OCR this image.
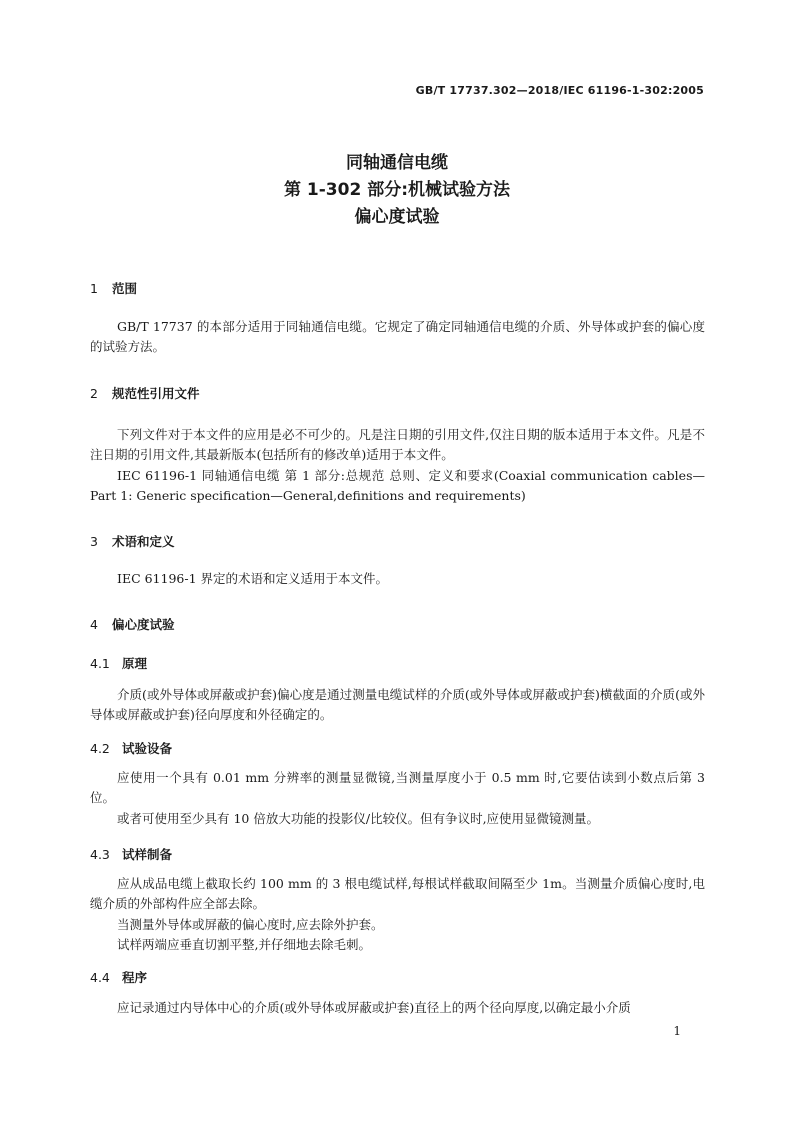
GB/T 17737.302—2018/IEC 61196-1-302:2005
同轴通信电缆
第 1-302 部分:机械试验方法
偏心度试验
1 范围

GB/T 17737 的本部分适用于同轴通信电缆。它规定了确定同轴通信电缆的介质、外导体或护套的偏心度的试验方法。

2 规范性引用文件

下列文件对于本文件的应用是必不可少的。凡是注日期的引用文件,仅注日期的版本适用于本文件。凡是不注日期的引用文件,其最新版本(包括所有的修改单)适用于本文件。

IEC 61196-1 同轴通信电缆 第 1 部分:总规范 总则、定义和要求(Coaxial communication cables—Part 1: Generic specification—General,definitions and requirements)

3 术语和定义

IEC 61196-1 界定的术语和定义适用于本文件。

4 偏心度试验
4.1 原理

介质(或外导体或屏蔽或护套)偏心度是通过测量电缆试样的介质(或外导体或屏蔽或护套)横截面的介质(或外导体或屏蔽或护套)径向厚度和外径确定的。

4.2 试验设备

应使用一个具有 0.01 mm 分辨率的测量显微镜,当测量厚度小于 0.5 mm 时,它要估读到小数点后第 3 位。

或者可使用至少具有 10 倍放大功能的投影仪/比较仪。但有争议时,应使用显微镜测量。

4.3 试样制备

应从成品电缆上截取长约 100 mm 的 3 根电缆试样,每根试样截取间隔至少 1m。当测量介质偏心度时,电缆介质的外部构件应全部去除。

当测量外导体或屏蔽的偏心度时,应去除外护套。
试样两端应垂直切割平整,并仔细地去除毛刺。
4.4 程序
应记录通过内导体中心的介质(或外导体或屏蔽或护套)直径上的两个径向厚度,以确定最小介质
1
